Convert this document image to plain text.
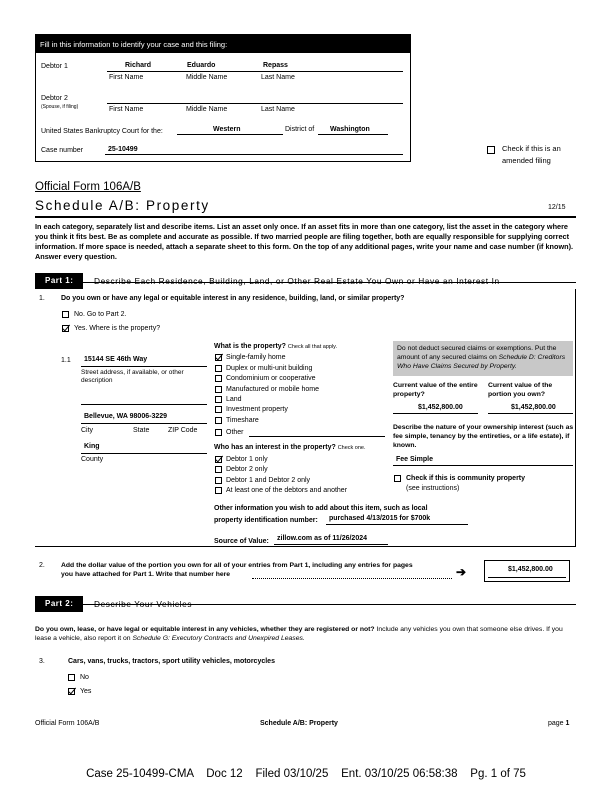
Fill in this information to identify your case and this filing:
Debtor 1	Richard	Eduardo	Repass
First Name	Middle Name	Last Name
Debtor 2
(Spouse, if filing)	First Name	Middle Name	Last Name
United States Bankruptcy Court for the:	Western	District of Washington
Case number	25-10499	Check if this is an
amended filing
Official Form 106A/B
Schedule A/B: Property	12/15
In each category, separately list and describe items. List an asset only once. If an asset fits in more than one category, list the asset in the category where you think it fits best. Be as complete and accurate as possible. If two married people are filing together, both are equally responsible for supplying correct information. If more space is needed, attach a separate sheet to this form. On the top of any additional pages, write your name and case number (if known). Answer every question.
Part 1:	Describe Each Residence, Building, Land, or Other Real Estate You Own or Have an Interest In
1. Do you own or have any legal or equitable interest in any residence, building, land, or similar property?
No. Go to Part 2.
Yes. Where is the property?
1.1 15144 SE 46th Way
Street address, if available, or other description
Bellevue, WA 98006-3229
City	State	ZIP Code
King
County
What is the property? Check all that apply.
Single-family home
Duplex or multi-unit building
Condominium or cooperative
Manufactured or mobile home
Land
Investment property
Timeshare
Other
Who has an interest in the property? Check one.
Debtor 1 only
Debtor 2 only
Debtor 1 and Debtor 2 only
At least one of the debtors and another
Do not deduct secured claims or exemptions. Put the amount of any secured claims on Schedule D: Creditors Who Have Claims Secured by Property.
Current value of the entire property?
Current value of the portion you own?
$1,452,800.00	$1,452,800.00
Describe the nature of your ownership interest (such as fee simple, tenancy by the entireties, or a life estate), if known.
Fee Simple
Check if this is community property
(see instructions)
Other information you wish to add about this item, such as local
property identification number: purchased 4/13/2015 for $700k
Source of Value: zillow.com as of 11/26/2024
2. Add the dollar value of the portion you own for all of your entries from Part 1, including any entries for pages
you have attached for Part 1. Write that number here	➔	$1,452,800.00
Part 2:	Describe Your Vehicles
Do you own, lease, or have legal or equitable interest in any vehicles, whether they are registered or not? Include any vehicles you own that someone else drives. If you lease a vehicle, also report it on Schedule G: Executory Contracts and Unexpired Leases.
3.	Cars, vans, trucks, tractors, sport utility vehicles, motorcycles
No
Yes
Official Form 106A/B	Schedule A/B: Property	page 1
Case 25-10499-CMA    Doc 12    Filed 03/10/25    Ent. 03/10/25 06:58:38    Pg. 1 of 75
